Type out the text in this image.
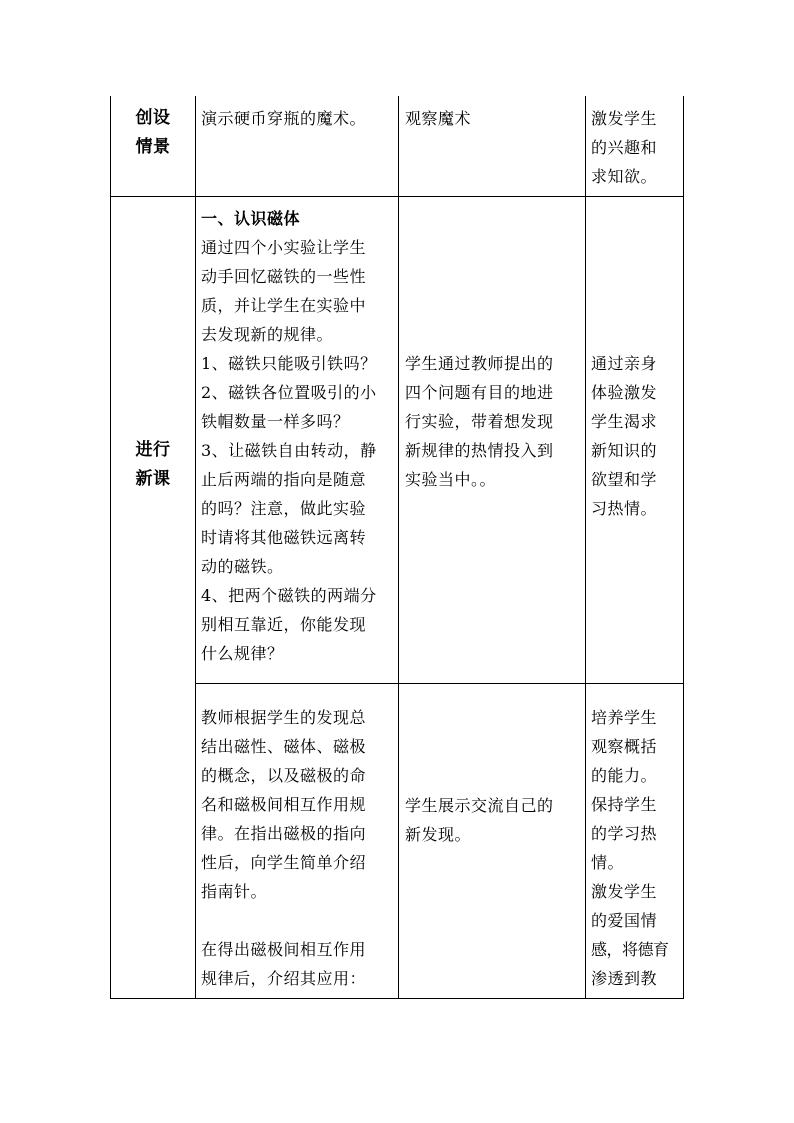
创设

情景

演示硬币穿瓶的魔术。	观察魔术	激发学生

的兴趣和

求知欲。

进行

新课

一、认识磁体

通过四个小实验让学生

动手回忆磁铁的一些性

质，并让学生在实验中

去发现新的规律。

1、磁铁只能吸引铁吗？

2、磁铁各位置吸引的小

铁帽数量一样多吗？

3、让磁铁自由转动，静

止后两端的指向是随意

的吗？注意，做此实验

时请将其他磁铁远离转

动的磁铁。

4、把两个磁铁的两端分

别相互靠近，你能发现

什么规律？

学生通过教师提出的

四个问题有目的地进

行实验，带着想发现

新规律的热情投入到

实验当中。。

通过亲身

体验激发

学生渴求

新知识的

欲望和学

习热情。

教师根据学生的发现总

结出磁性、磁体、磁极

的概念，以及磁极的命

名和磁极间相互作用规

律。在指出磁极的指向

性后，向学生简单介绍

指南针。

在得出磁极间相互作用

规律后，介绍其应用：

学生展示交流自己的

新发现。

培养学生

观察概括

的能力。

保持学生

的学习热

情。

激发学生

的爱国情

感，将德育

渗透到教
